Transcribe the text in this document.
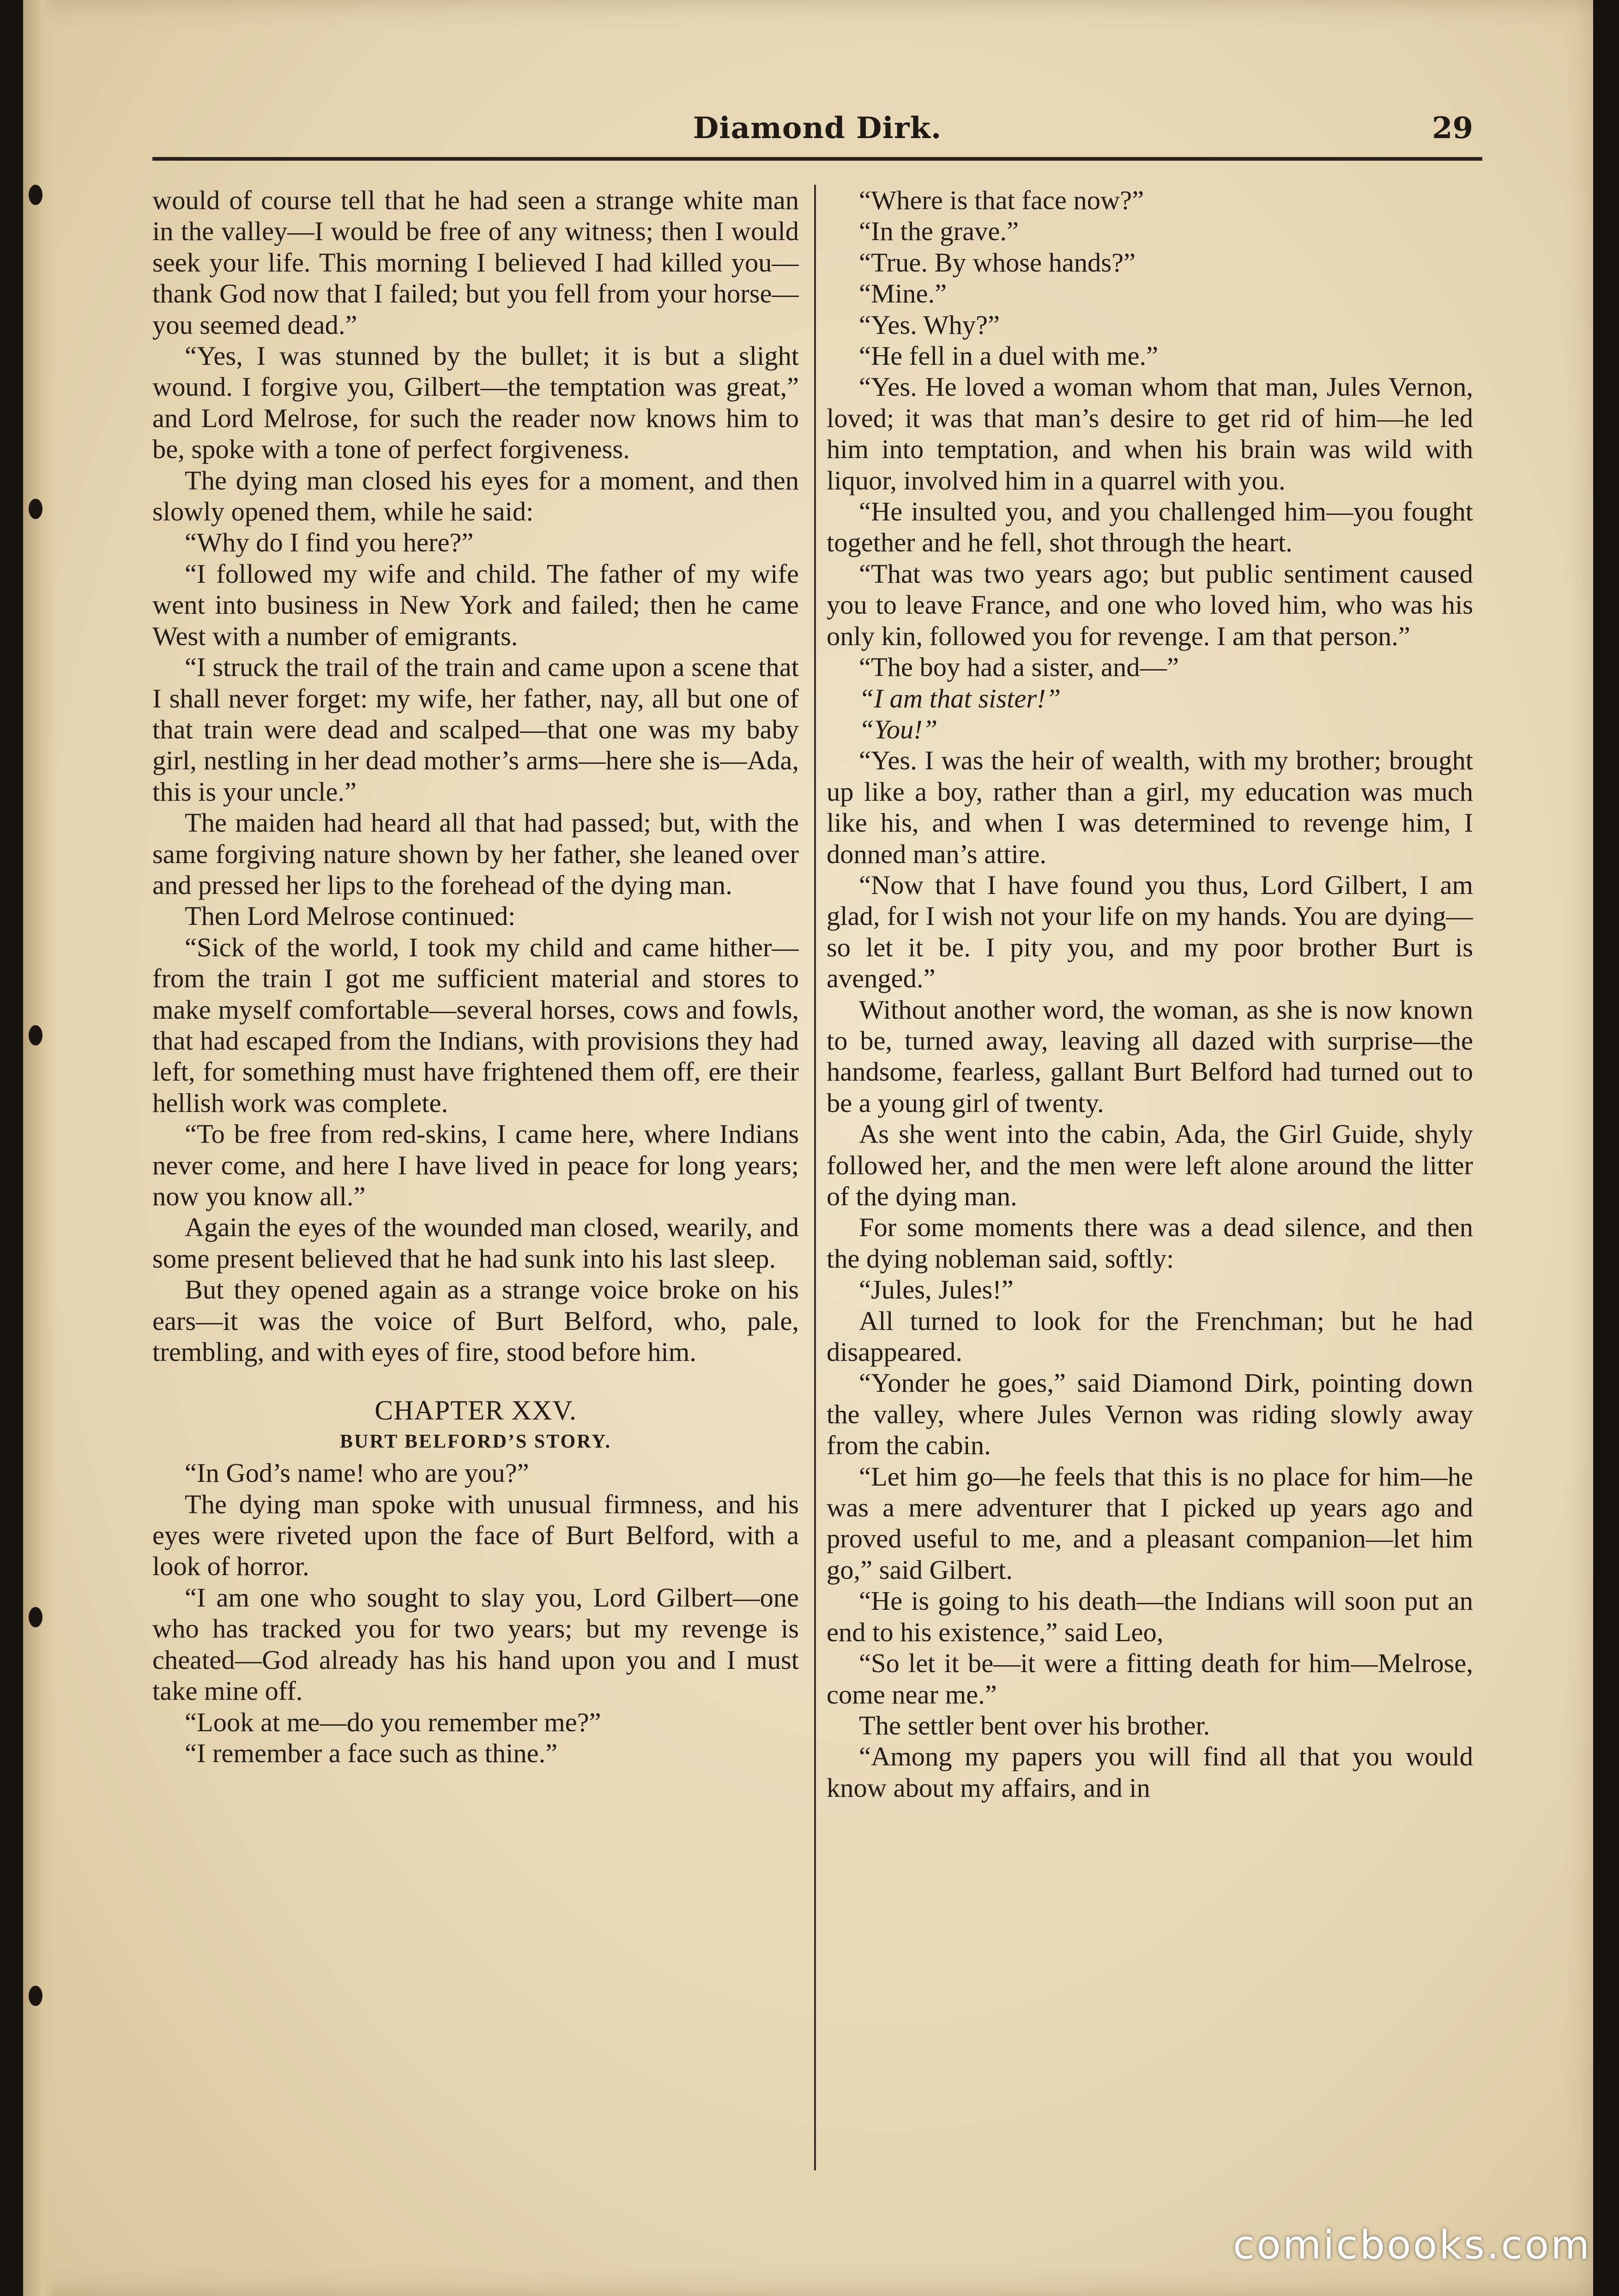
Diamond Dirk.	29

would of course tell that he had seen a strange white man in the valley—I would be free of any witness; then I would seek your life. This morning I believed I had killed you—thank God now that I failed; but you fell from your horse—you seemed dead.”

“Yes, I was stunned by the bullet; it is but a slight wound. I forgive you, Gilbert—the temptation was great,” and Lord Melrose, for such the reader now knows him to be, spoke with a tone of perfect forgiveness.

The dying man closed his eyes for a moment, and then slowly opened them, while he said:

“Why do I find you here?”

“I followed my wife and child. The father of my wife went into business in New York and failed; then he came West with a number of emigrants.

“I struck the trail of the train and came upon a scene that I shall never forget: my wife, her father, nay, all but one of that train were dead and scalped—that one was my baby girl, nestling in her dead mother’s arms—here she is—Ada, this is your uncle.”

The maiden had heard all that had passed; but, with the same forgiving nature shown by her father, she leaned over and pressed her lips to the forehead of the dying man.

Then Lord Melrose continued:

“Sick of the world, I took my child and came hither—from the train I got me sufficient material and stores to make myself comfortable—several horses, cows and fowls, that had escaped from the Indians, with provisions they had left, for something must have frightened them off, ere their hellish work was complete.

“To be free from red-skins, I came here, where Indians never come, and here I have lived in peace for long years; now you know all.”

Again the eyes of the wounded man closed, wearily, and some present believed that he had sunk into his last sleep.

But they opened again as a strange voice broke on his ears—it was the voice of Burt Belford, who, pale, trembling, and with eyes of fire, stood before him.

CHAPTER XXV.

BURT BELFORD’S STORY.

“In God’s name! who are you?”

The dying man spoke with unusual firmness, and his eyes were riveted upon the face of Burt Belford, with a look of horror.

“I am one who sought to slay you, Lord Gilbert—one who has tracked you for two years; but my revenge is cheated—God already has his hand upon you and I must take mine off.

“Look at me—do you remember me?”

“I remember a face such as thine.”

“Where is that face now?”

“In the grave.”

“True. By whose hands?”

“Mine.”

“Yes. Why?”

“He fell in a duel with me.”

“Yes. He loved a woman whom that man, Jules Vernon, loved; it was that man’s desire to get rid of him—he led him into temptation, and when his brain was wild with liquor, involved him in a quarrel with you.

“He insulted you, and you challenged him—you fought together and he fell, shot through the heart.

“That was two years ago; but public sentiment caused you to leave France, and one who loved him, who was his only kin, followed you for revenge. I am that person.”

“The boy had a sister, and—”

“I am that sister!”

“You!”

“Yes. I was the heir of wealth, with my brother; brought up like a boy, rather than a girl, my education was much like his, and when I was determined to revenge him, I donned man’s attire.

“Now that I have found you thus, Lord Gilbert, I am glad, for I wish not your life on my hands. You are dying—so let it be. I pity you, and my poor brother Burt is avenged.”

Without another word, the woman, as she is now known to be, turned away, leaving all dazed with surprise—the handsome, fearless, gallant Burt Belford had turned out to be a young girl of twenty.

As she went into the cabin, Ada, the Girl Guide, shyly followed her, and the men were left alone around the litter of the dying man.

For some moments there was a dead silence, and then the dying nobleman said, softly:

“Jules, Jules!”

All turned to look for the Frenchman; but he had disappeared.

“Yonder he goes,” said Diamond Dirk, pointing down the valley, where Jules Vernon was riding slowly away from the cabin.

“Let him go—he feels that this is no place for him—he was a mere adventurer that I picked up years ago and proved useful to me, and a pleasant companion—let him go,” said Gilbert.

“He is going to his death—the Indians will soon put an end to his existence,” said Leo,

“So let it be—it were a fitting death for him—Melrose, come near me.”

The settler bent over his brother.

“Among my papers you will find all that you would know about my affairs, and in

comicbooks.com
